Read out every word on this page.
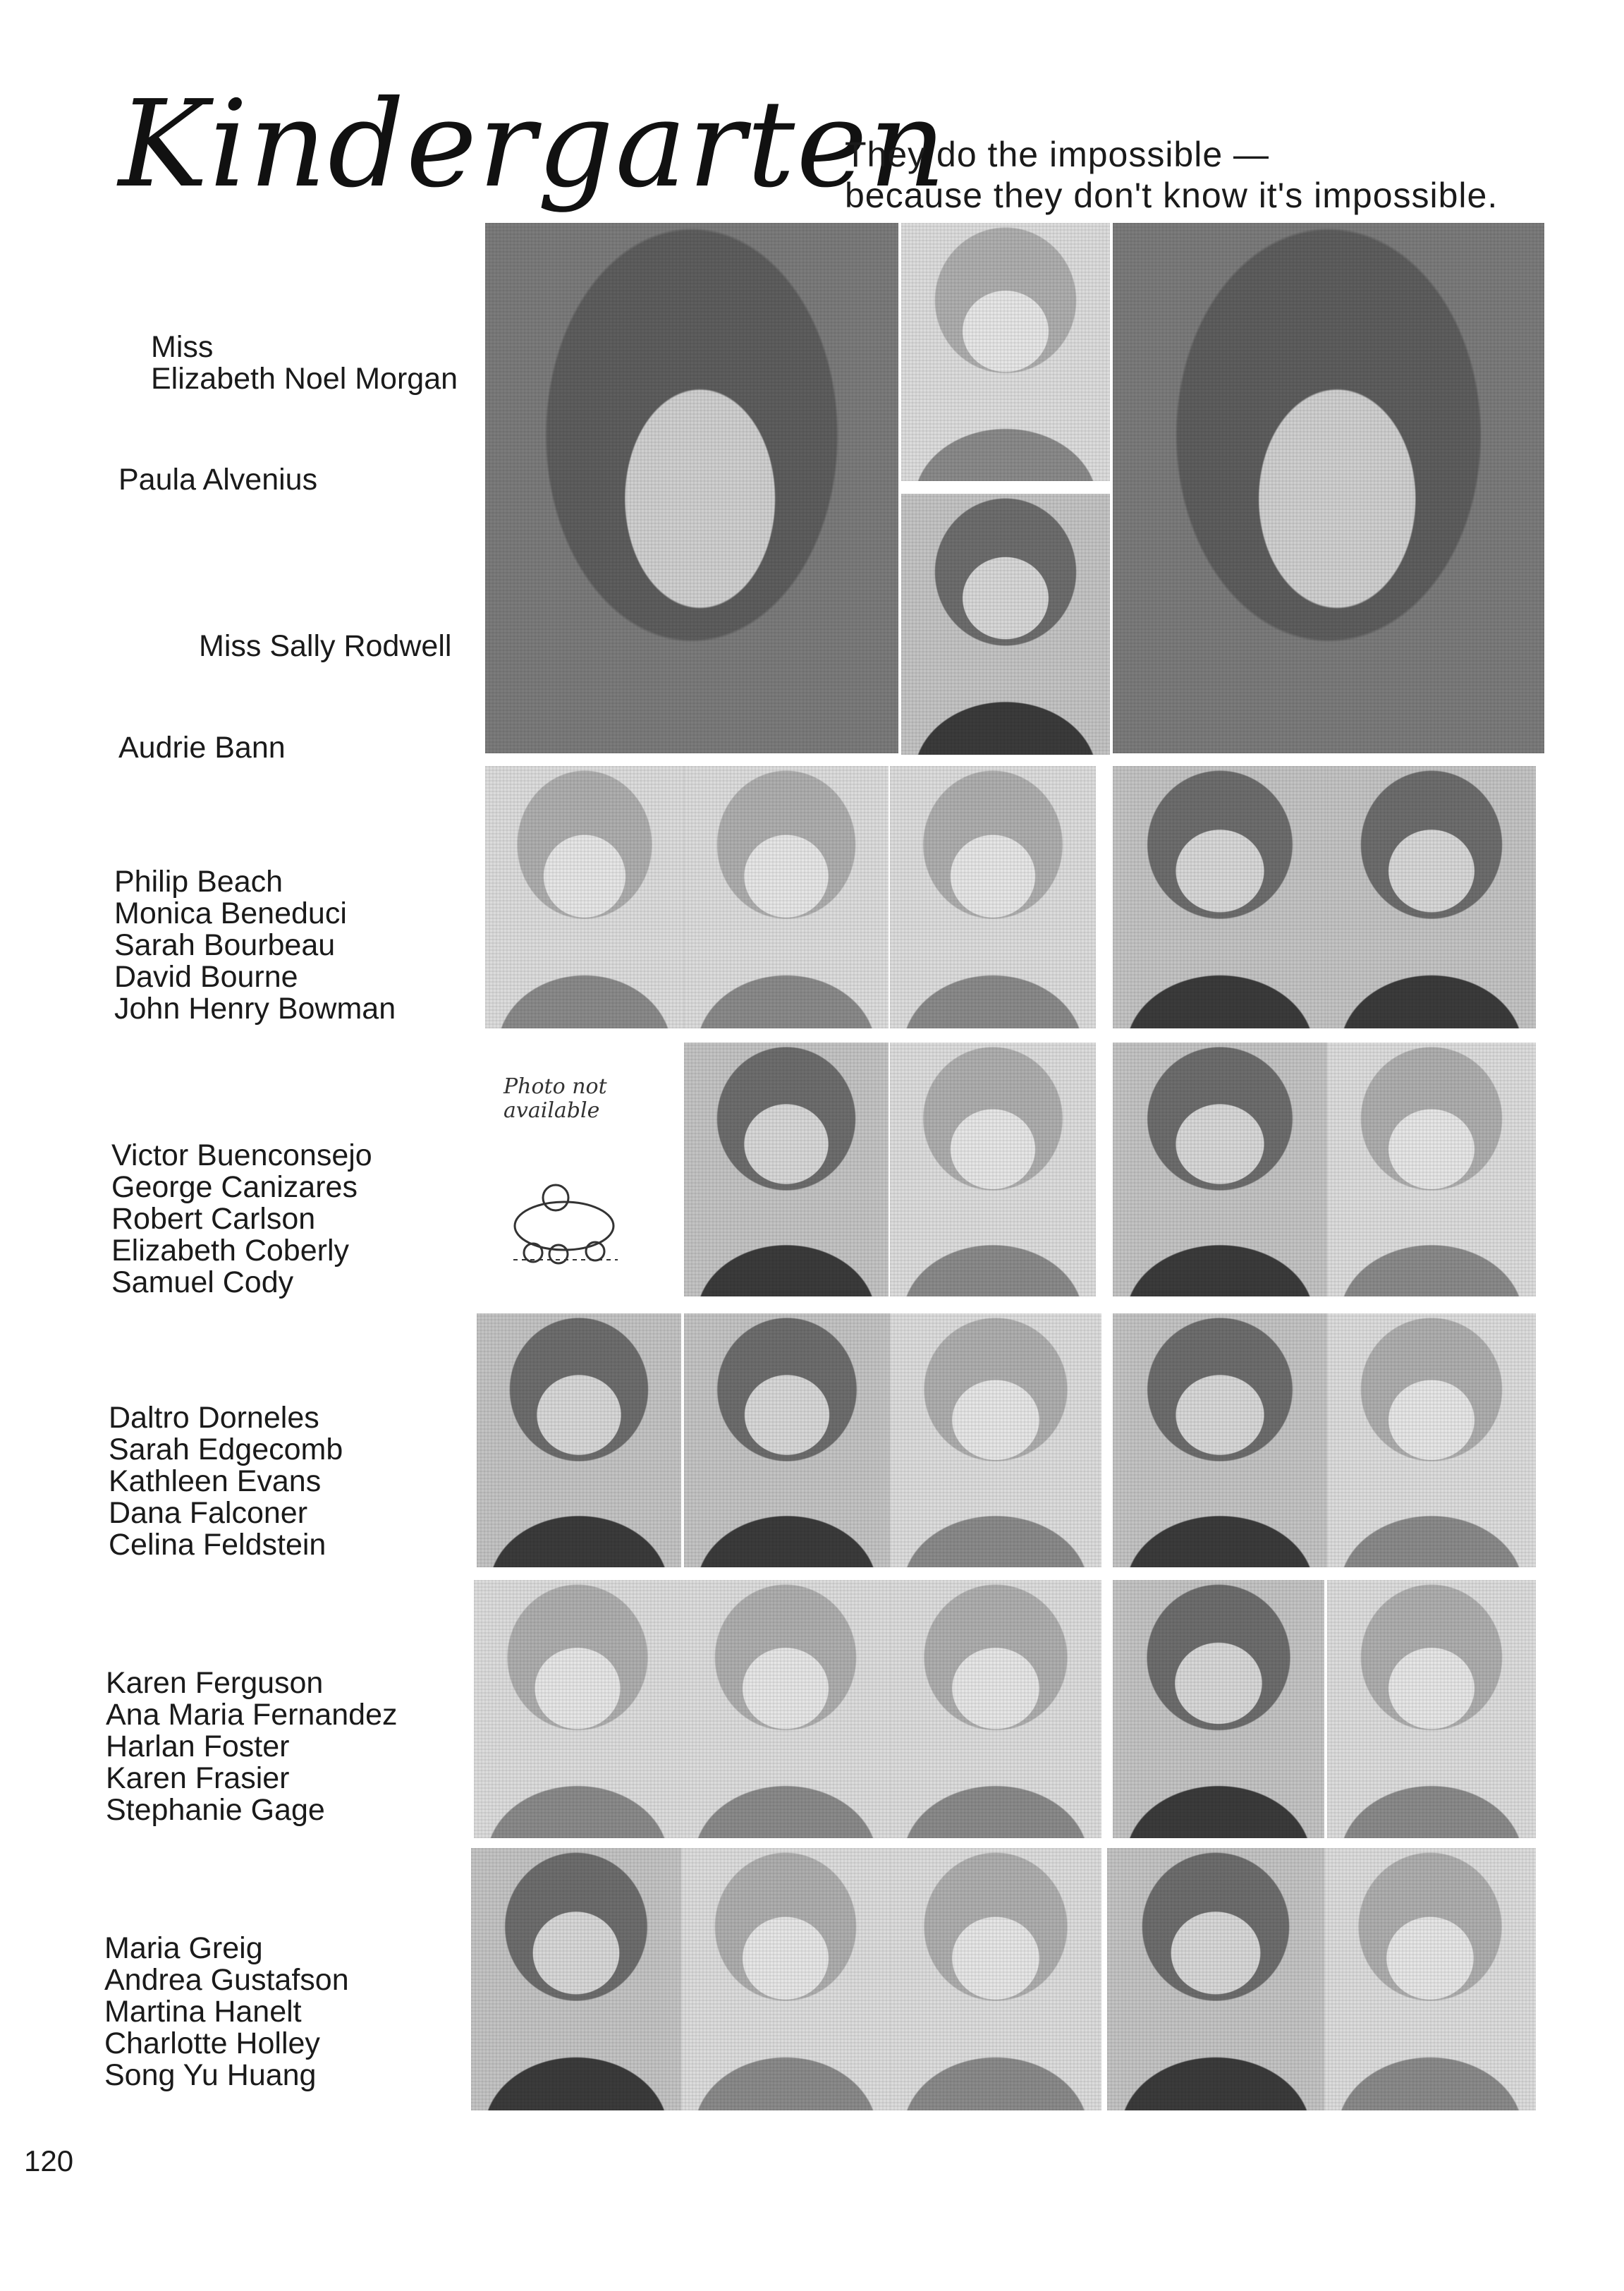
Kindergarten
They do the impossible —
because they don't know it's impossible.
Miss
Elizabeth Noel Morgan
Paula Alvenius
Miss Sally Rodwell
Audrie Bann
Philip Beach
Monica Beneduci
Sarah Bourbeau
David Bourne
John Henry Bowman
Victor Buenconsejo
George Canizares
Robert Carlson
Elizabeth Coberly
Samuel Cody
Photo not
available
Daltro Dorneles
Sarah Edgecomb
Kathleen Evans
Dana Falconer
Celina Feldstein
Karen Ferguson
Ana Maria Fernandez
Harlan Foster
Karen Frasier
Stephanie Gage
Maria Greig
Andrea Gustafson
Martina Hanelt
Charlotte Holley
Song Yu Huang
120
